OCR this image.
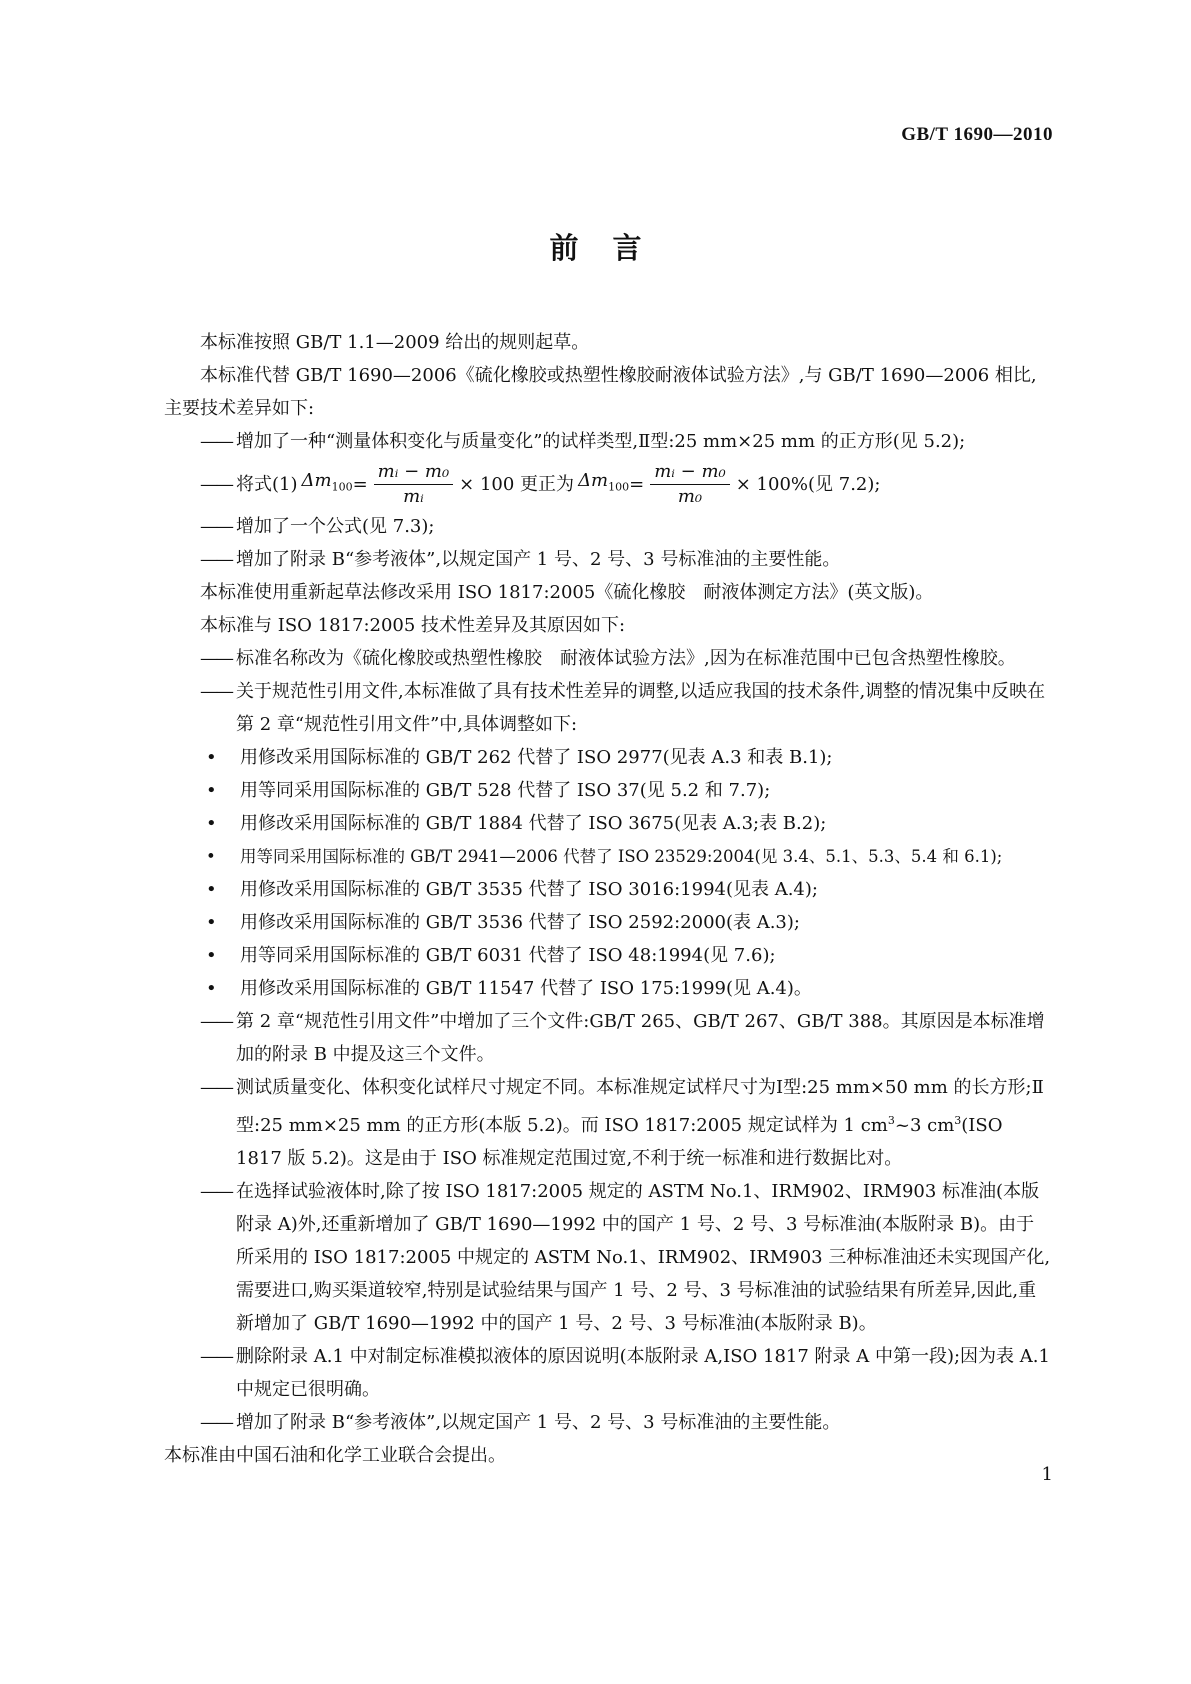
GB/T 1690—2010
前言

本标准按照 GB/T 1.1—2009 给出的规则起草。

本标准代替 GB/T 1690—2006《硫化橡胶或热塑性橡胶耐液体试验方法》,与 GB/T 1690—2006 相比,主要技术差异如下:

—— 增加了一种“测量体积变化与质量变化”的试样类型,Ⅱ型:25 mm×25 mm 的正方形(见 5.2);

—— 将式(1) $\Delta m_{100} = \frac{\text{mᵢ − m₀}}{\text{mᵢ}} \times 100$ 更正为 $\Delta m_{100} = \frac{\text{mᵢ − m₀}}{\text{m₀}} \times 100\%$(见 7.2);

—— 增加了一个公式(见 7.3);

—— 增加了附录 B“参考液体”,以规定国产 1 号、2 号、3 号标准油的主要性能。

本标准使用重新起草法修改采用 ISO 1817:2005《硫化橡胶　耐液体测定方法》(英文版)。

本标准与 ISO 1817:2005 技术性差异及其原因如下:

—— 标准名称改为《硫化橡胶或热塑性橡胶　耐液体试验方法》,因为在标准范围中已包含热塑性橡胶。

—— 关于规范性引用文件,本标准做了具有技术性差异的调整,以适应我国的技术条件,调整的情况集中反映在第 2 章“规范性引用文件”中,具体调整如下:

• 用修改采用国际标准的 GB/T 262 代替了 ISO 2977(见表 A.3 和表 B.1);
• 用等同采用国际标准的 GB/T 528 代替了 ISO 37(见 5.2 和 7.7);
• 用修改采用国际标准的 GB/T 1884 代替了 ISO 3675(见表 A.3;表 B.2);
• 用等同采用国际标准的 GB/T 2941—2006 代替了 ISO 23529:2004(见 3.4、5.1、5.3、5.4 和 6.1);
• 用修改采用国际标准的 GB/T 3535 代替了 ISO 3016:1994(见表 A.4);
• 用修改采用国际标准的 GB/T 3536 代替了 ISO 2592:2000(表 A.3);
• 用等同采用国际标准的 GB/T 6031 代替了 ISO 48:1994(见 7.6);
• 用修改采用国际标准的 GB/T 11547 代替了 ISO 175:1999(见 A.4)。

—— 第 2 章“规范性引用文件”中增加了三个文件:GB/T 265、GB/T 267、GB/T 388。其原因是本标准增加的附录 B 中提及这三个文件。

—— 测试质量变化、体积变化试样尺寸规定不同。本标准规定试样尺寸为Ⅰ型:25 mm×50 mm 的长方形;Ⅱ型:25 mm×25 mm 的正方形(本版 5.2)。而 ISO 1817:2005 规定试样为 1 $cm^3\sim 3$ $cm^3(ISO$ 1817 版 5.2)。这是由于 ISO 标准规定范围过宽,不利于统一标准和进行数据比对。

—— 在选择试验液体时,除了按 ISO 1817:2005 规定的 ASTM No.1、IRM902、IRM903 标准油(本版附录 A)外,还重新增加了 GB/T 1690—1992 中的国产 1 号、2 号、3 号标准油(本版附录 B)。由于所采用的 ISO 1817:2005 中规定的 ASTM No.1、IRM902、IRM903 三种标准油还未实现国产化,需要进口,购买渠道较窄,特别是试验结果与国产 1 号、2 号、3 号标准油的试验结果有所差异,因此,重新增加了 GB/T 1690—1992 中的国产 1 号、2 号、3 号标准油(本版附录 B)。

—— 删除附录 A.1 中对制定标准模拟液体的原因说明(本版附录 A,ISO 1817 附录 A 中第一段);因为表 A.1 中规定已很明确。

—— 增加了附录 B“参考液体”,以规定国产 1 号、2 号、3 号标准油的主要性能。

本标准由中国石油和化学工业联合会提出。

1
